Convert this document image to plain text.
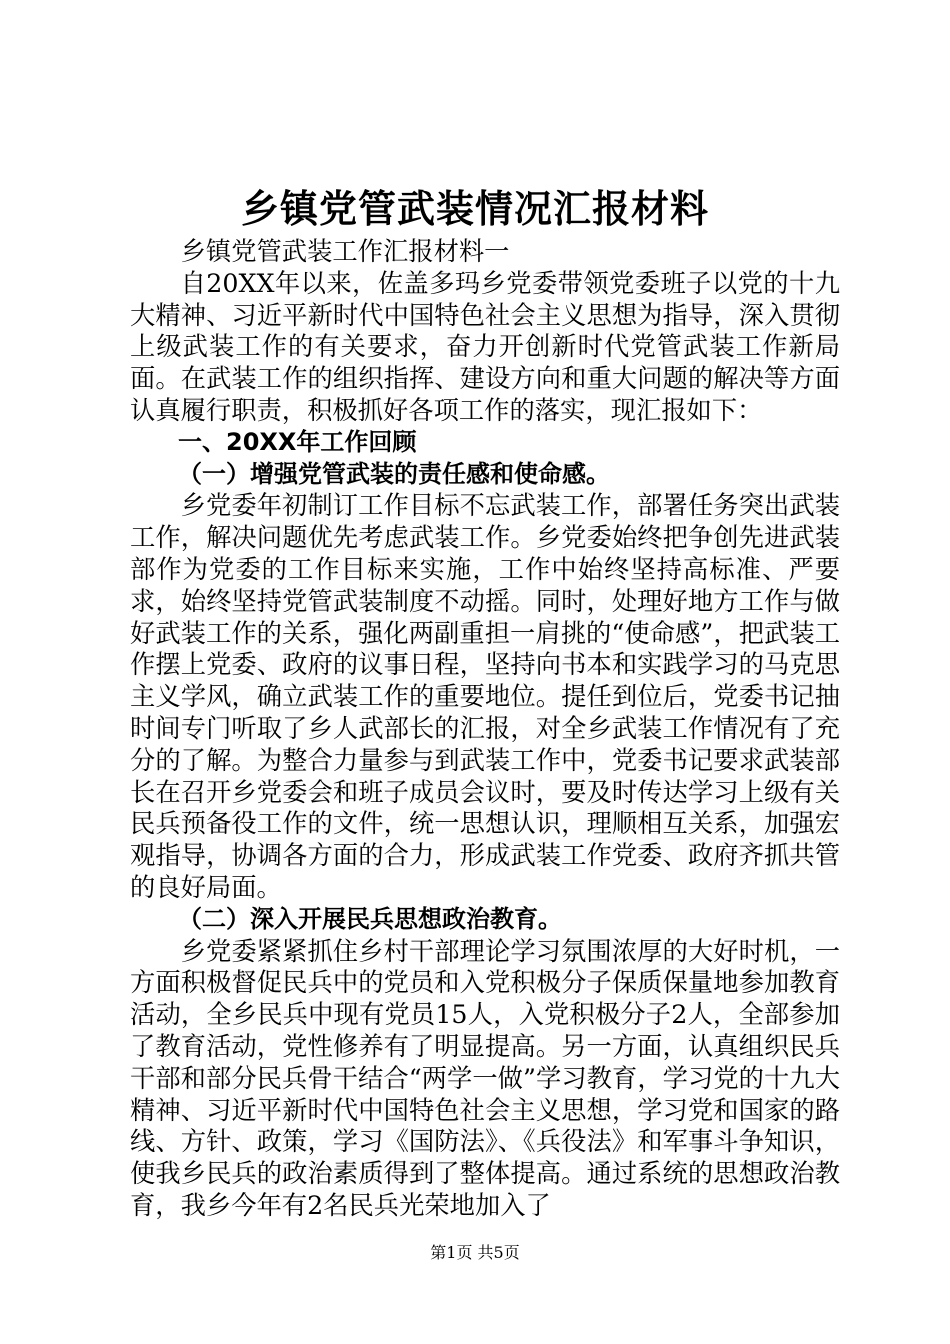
乡镇党管武装情况汇报材料

乡镇党管武装工作汇报材料一

自20XX年以来，佐盖多玛乡党委带领党委班子以党的十九大精神、习近平新时代中国特色社会主义思想为指导，深入贯彻上级武装工作的有关要求，奋力开创新时代党管武装工作新局面。在武装工作的组织指挥、建设方向和重大问题的解决等方面认真履行职责，积极抓好各项工作的落实，现汇报如下：

一、20XX年工作回顾

（一）增强党管武装的责任感和使命感。

乡党委年初制订工作目标不忘武装工作，部署任务突出武装工作，解决问题优先考虑武装工作。乡党委始终把争创先进武装部作为党委的工作目标来实施，工作中始终坚持高标准、严要求，始终坚持党管武装制度不动摇。同时，处理好地方工作与做好武装工作的关系，强化两副重担一肩挑的“使命感”，把武装工作摆上党委、政府的议事日程，坚持向书本和实践学习的马克思主义学风，确立武装工作的重要地位。提任到位后，党委书记抽时间专门听取了乡人武部长的汇报，对全乡武装工作情况有了充分的了解。为整合力量参与到武装工作中，党委书记要求武装部长在召开乡党委会和班子成员会议时，要及时传达学习上级有关民兵预备役工作的文件，统一思想认识，理顺相互关系，加强宏观指导，协调各方面的合力，形成武装工作党委、政府齐抓共管的良好局面。

（二）深入开展民兵思想政治教育。

乡党委紧紧抓住乡村干部理论学习氛围浓厚的大好时机，一方面积极督促民兵中的党员和入党积极分子保质保量地参加教育活动，全乡民兵中现有党员15人，入党积极分子2人，全部参加了教育活动，党性修养有了明显提高。另一方面，认真组织民兵干部和部分民兵骨干结合“两学一做”学习教育，学习党的十九大精神、习近平新时代中国特色社会主义思想，学习党和国家的路线、方针、政策，学习《国防法》、《兵役法》和军事斗争知识，使我乡民兵的政治素质得到了整体提高。通过系统的思想政治教育，我乡今年有2名民兵光荣地加入了

第1页 共5页
